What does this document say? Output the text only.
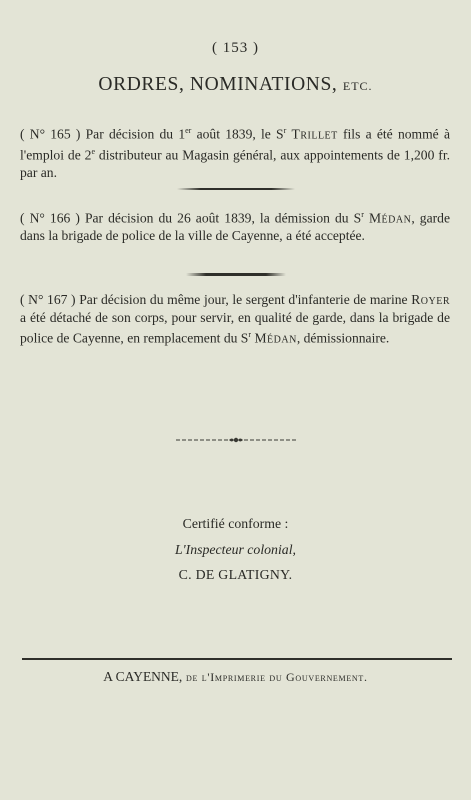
( 153 )
ORDRES, NOMINATIONS, ETC.

( N° 165 ) Par décision du 1er août 1839, le $S^r$ Trillet fils a été nommé à l'emploi de 2e distributeur au Magasin général, aux appointements de 1,200 fr. par an.

( N° 166 ) Par décision du 26 août 1839, la démission du $S^r$ Médan, garde dans la brigade de police de la ville de Cayenne, a été acceptée.

( N° 167 ) Par décision du même jour, le sergent d'infanterie de marine Royer a été détaché de son corps, pour servir, en qualité de garde, dans la brigade de police de Cayenne, en remplacement du $S^r$ Médan, démissionnaire.

Certifié conforme :
L'Inspecteur colonial,
C. DE GLATIGNY.
A CAYENNE, de l'Imprimerie du Gouvernement.
